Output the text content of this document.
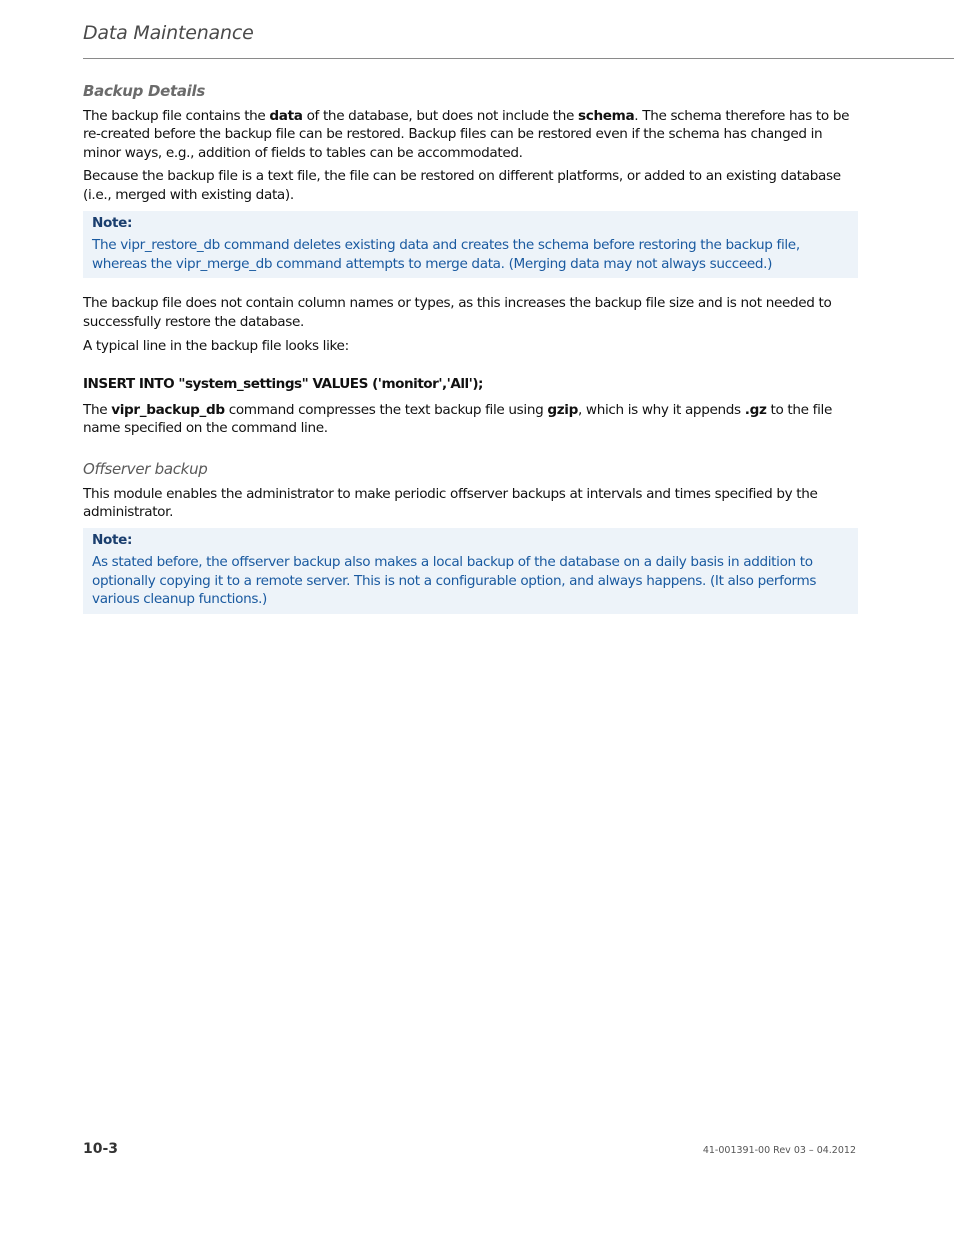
Data Maintenance
Backup Details

The backup file contains the data of the database, but does not include the schema. The schema therefore has to be re-created before the backup file can be restored. Backup files can be restored even if the schema has changed in minor ways, e.g., addition of fields to tables can be accommodated.

Because the backup file is a text file, the file can be restored on different platforms, or added to an existing database (i.e., merged with existing data).

Note:
The vipr_restore_db command deletes existing data and creates the schema before restoring the backup file, whereas the vipr_merge_db command attempts to merge data. (Merging data may not always succeed.)

The backup file does not contain column names or types, as this increases the backup file size and is not needed to successfully restore the database.

A typical line in the backup file looks like:

INSERT INTO "system_settings" VALUES ('monitor','All');

The vipr_backup_db command compresses the text backup file using gzip, which is why it appends .gz to the file name specified on the command line.

Offserver backup

This module enables the administrator to make periodic offserver backups at intervals and times specified by the administrator.

Note:
As stated before, the offserver backup also makes a local backup of the database on a daily basis in addition to optionally copying it to a remote server. This is not a configurable option, and always happens. (It also performs various cleanup functions.)
10-3	41-001391-00 Rev 03 – 04.2012
